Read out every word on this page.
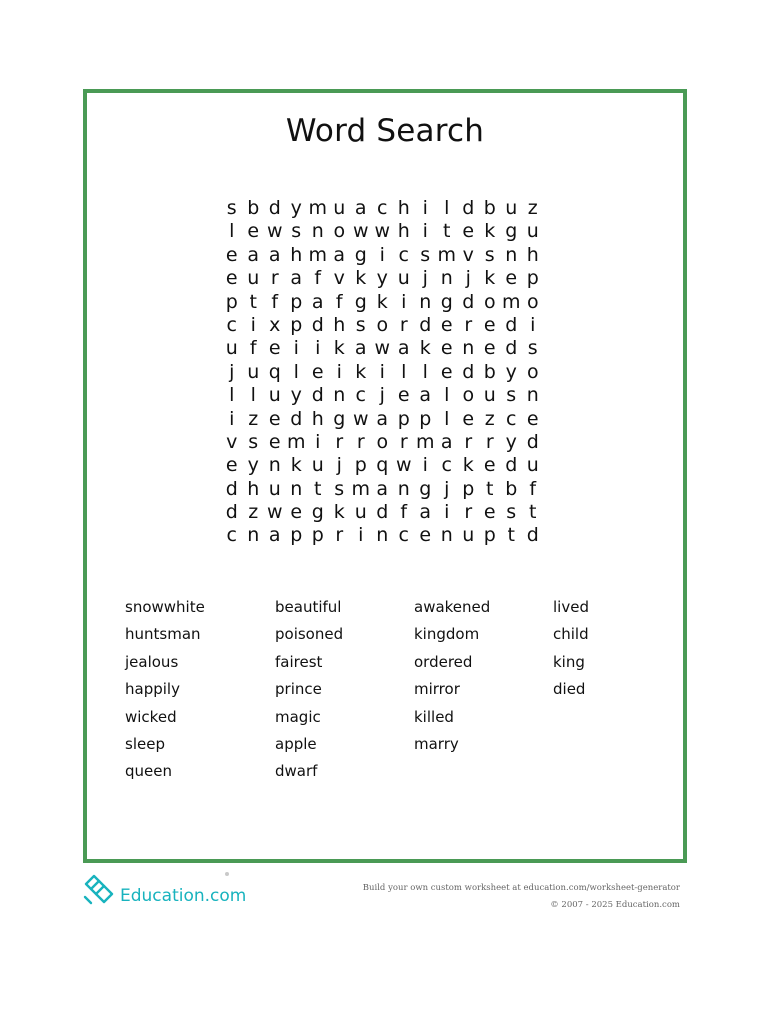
Word Search
s b d y m u a c h i l d b u z
l e w s n o w w h i t e k g u
e a a h m a g i c s m v s n h
e u r a f v k y u j n j k e p
p t f p a f g k i n g d o m o
c i x p d h s o r d e r e d i
u f e i i k a w a k e n e d s
j u q l e i k i l l e d b y o
l l u y d n c j e a l o u s n
i z e d h g w a p p l e z c e
v s e m i r r o r m a r r y d
e y n k u j p q w i c k e d u
d h u n t s m a n g j p t b f
d z w e g k u d f a i r e s t
c n a p p r i n c e n u p t d
snowwhite
huntsman
jealous
happily
wicked
sleep
queen
beautiful
poisoned
fairest
prince
magic
apple
dwarf
awakened
kingdom
ordered
mirror
killed
marry
lived
child
king
died
Education.com	Build your own custom worksheet at education.com/worksheet-generator
© 2007 - 2025 Education.com
